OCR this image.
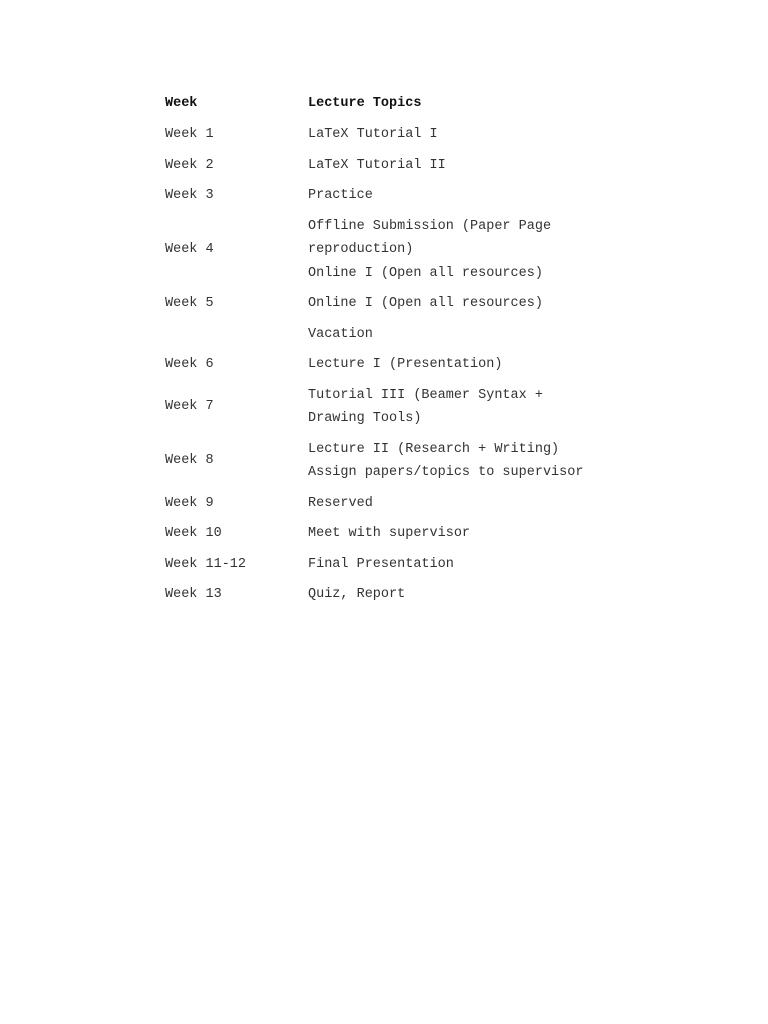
Week	Lecture Topics
Week 1	LaTeX Tutorial I

Week 2	LaTeX Tutorial II

Week 3	Practice

Week 4	Offline Submission (Paper Page
reproduction)
Online I (Open all resources)

Week 5	Online I (Open all resources)

	Vacation

Week 6	Lecture I (Presentation)

Week 7	Tutorial III (Beamer Syntax +
Drawing Tools)

Week 8	Lecture II (Research + Writing)
Assign papers/topics to supervisor

Week 9	Reserved

Week 10	Meet with supervisor

Week 11-12	Final Presentation

Week 13	Quiz, Report
